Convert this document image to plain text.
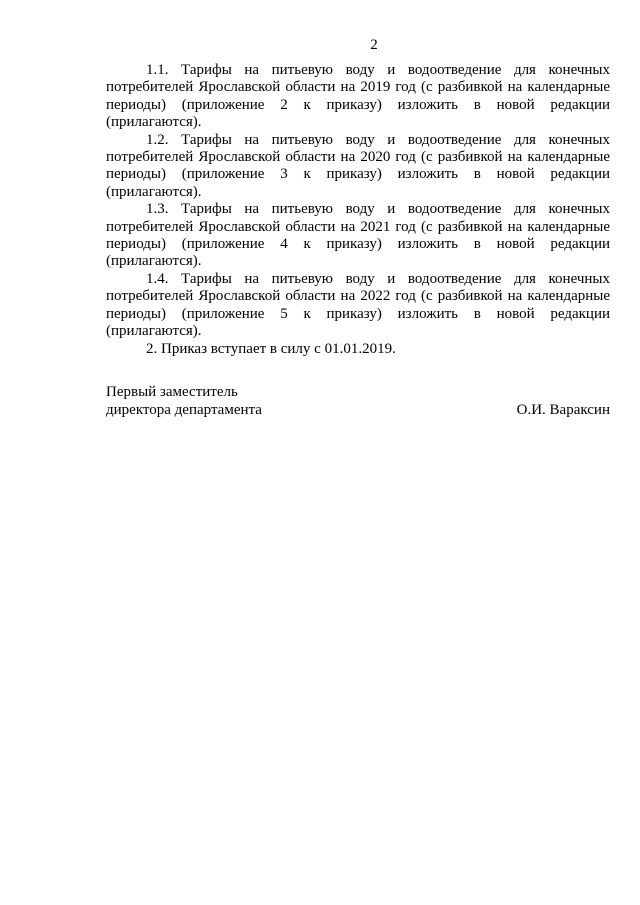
2

1.1. Тарифы на питьевую воду и водоотведение для конечных потребителей Ярославской области на 2019 год (с разбивкой на календарные периоды) (приложение 2 к приказу) изложить в новой редакции (прилагаются).

1.2. Тарифы на питьевую воду и водоотведение для конечных потребителей Ярославской области на 2020 год (с разбивкой на календарные периоды) (приложение 3 к приказу) изложить в новой редакции (прилагаются).

1.3. Тарифы на питьевую воду и водоотведение для конечных потребителей Ярославской области на 2021 год (с разбивкой на календарные периоды) (приложение 4 к приказу) изложить в новой редакции (прилагаются).

1.4. Тарифы на питьевую воду и водоотведение для конечных потребителей Ярославской области на 2022 год (с разбивкой на календарные периоды) (приложение 5 к приказу) изложить в новой редакции (прилагаются).

2. Приказ вступает в силу с 01.01.2019.

Первый заместитель
директора департамента	О.И. Вараксин
